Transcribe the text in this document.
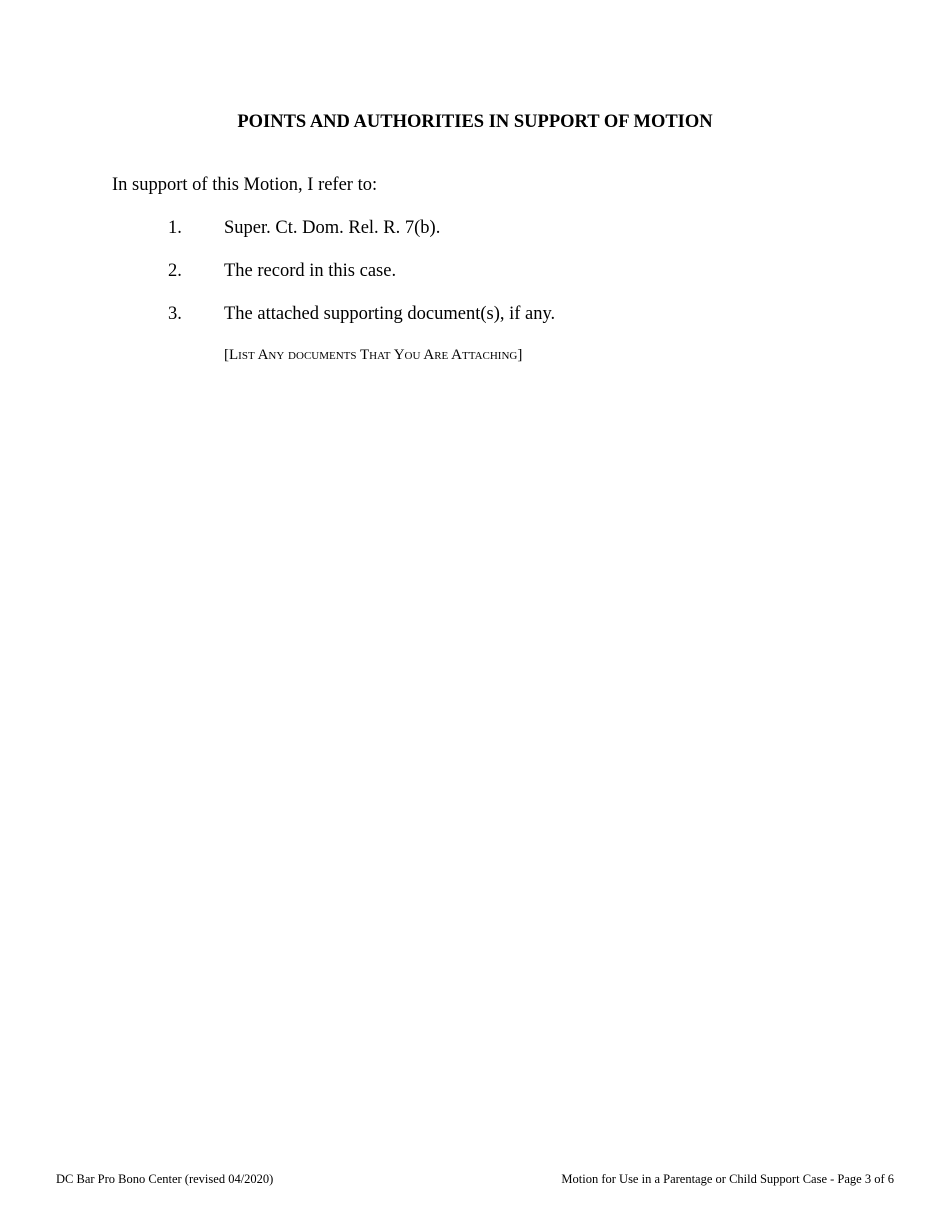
POINTS AND AUTHORITIES IN SUPPORT OF MOTION
In support of this Motion, I refer to:
1. Super. Ct. Dom. Rel. R. 7(b).
2. The record in this case.
3. The attached supporting document(s), if any.
[List Any documents That You Are Attaching]
DC Bar Pro Bono Center (revised 04/2020)	Motion for Use in a Parentage or Child Support Case - Page 3 of 6
